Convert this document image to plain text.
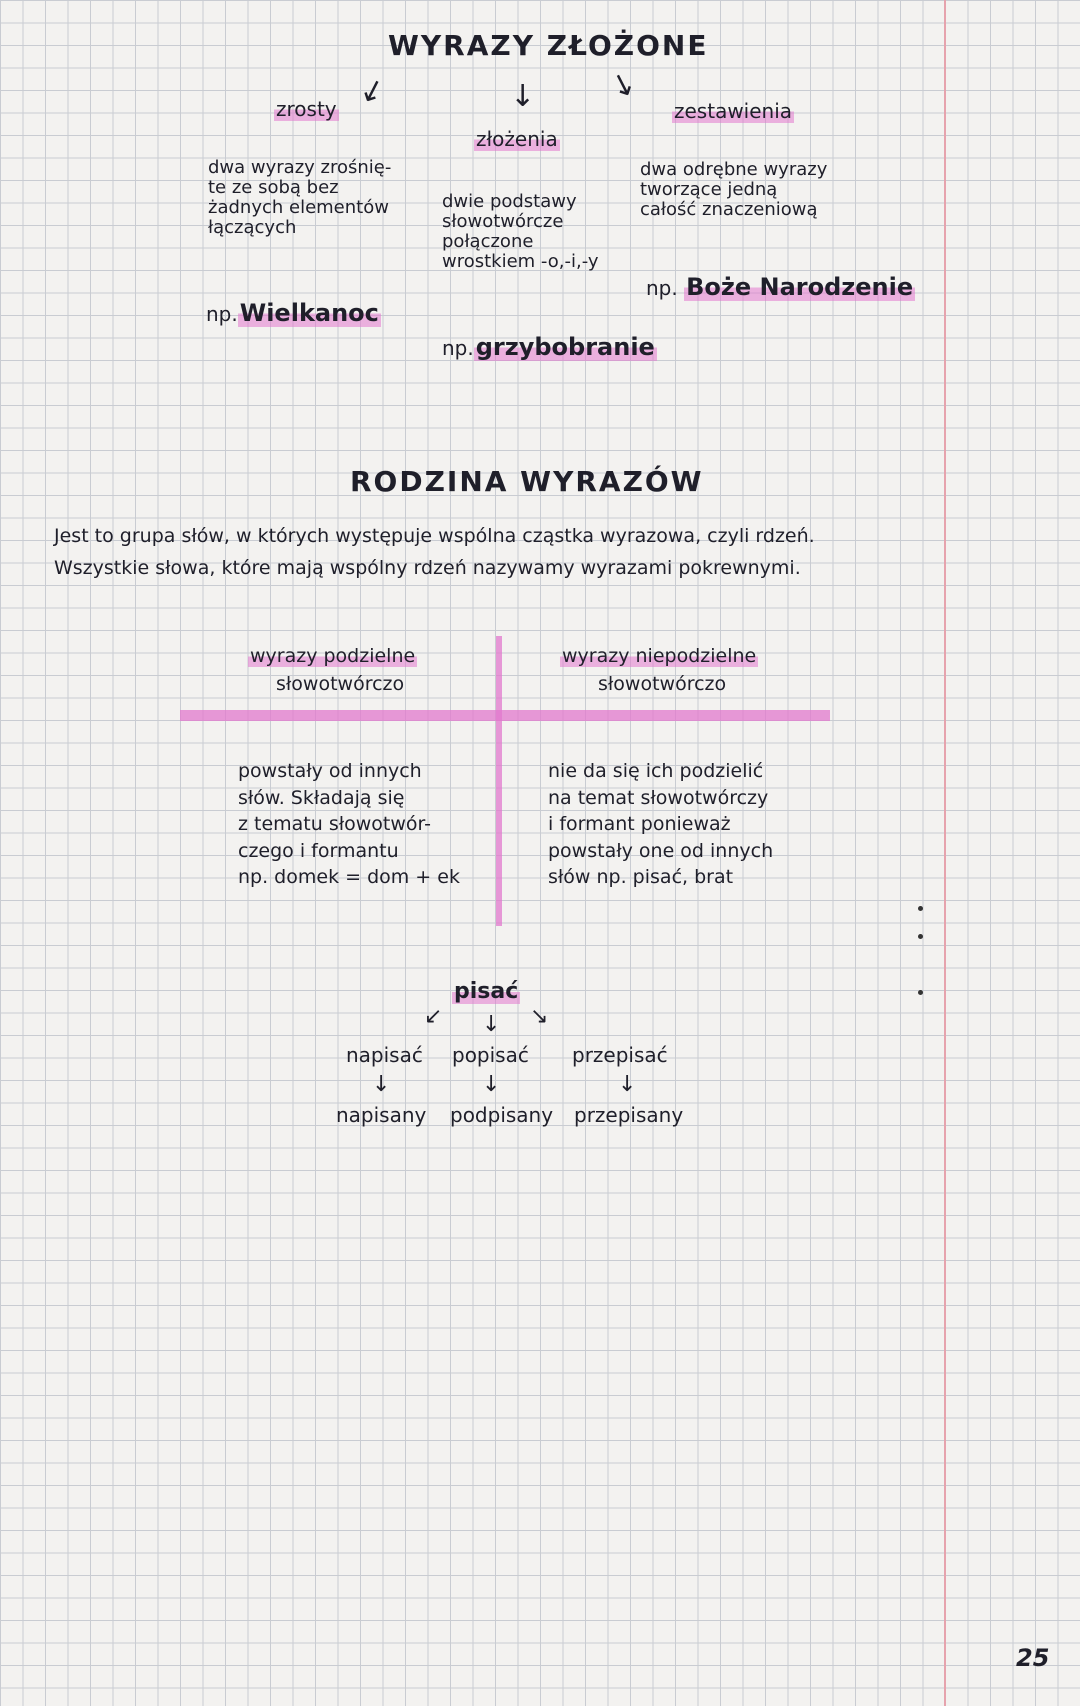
WYRAZY ZŁOŻONE
↙	↓ ↘
zrosty
złożenia
zestawienia
dwa wyrazy zrośnię-
te ze sobą bez
żadnych elementów
łączących
dwie podstawy
słowotwórcze
połączone
wrostkiem -o,-i,-y
dwa odrębne wyrazy
tworzące jedną
całość znaczeniową
np.Wielkanoc
np.grzybobranie
np. Boże Narodzenie
RODZINA WYRAZÓW
Jest to grupa słów, w których występuje wspólna cząstka wyrazowa, czyli rdzeń.
Wszystkie słowa, które mają wspólny rdzeń nazywamy wyrazami pokrewnymi.
wyrazy podzielne
słowotwórczo
wyrazy niepodzielne
słowotwórczo
powstały od innych
słów. Składają się
z tematu słowotwór-
czego i formantu
np. domek = dom + ek
nie da się ich podzielić
na temat słowotwórczy
i formant ponieważ
powstały one od innych
słów np. pisać, brat
pisać
↙ ↓ ↘
napisać popisać przepisać
↓	↓	↓
napisany podpisany przepisany
25
